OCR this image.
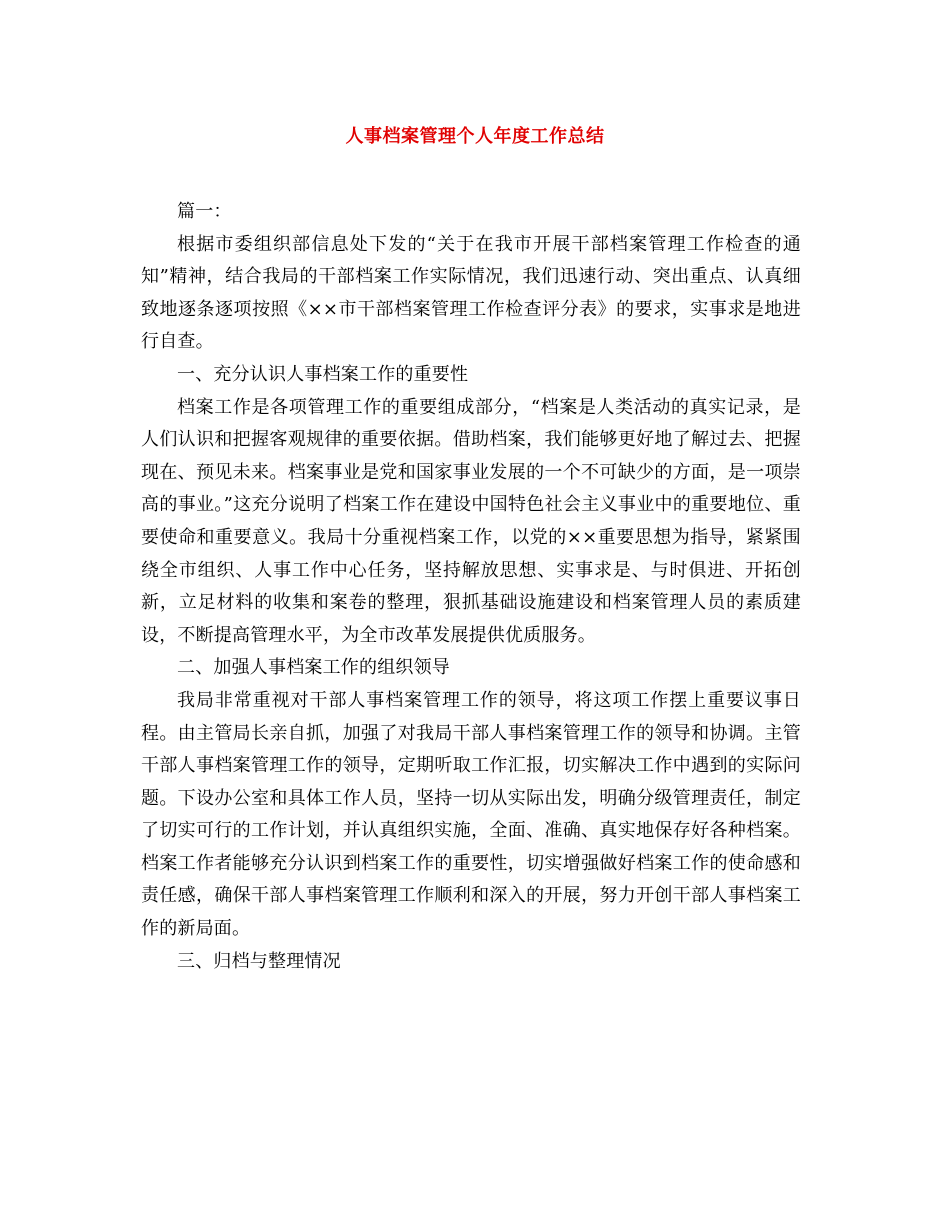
人事档案管理个人年度工作总结

篇一：

根据市委组织部信息处下发的“关于在我市开展干部档案管理工作检查的通知”精神，结合我局的干部档案工作实际情况，我们迅速行动、突出重点、认真细致地逐条逐项按照《××市干部档案管理工作检查评分表》的要求，实事求是地进行自查。

一、充分认识人事档案工作的重要性

档案工作是各项管理工作的重要组成部分，“档案是人类活动的真实记录，是人们认识和把握客观规律的重要依据。借助档案，我们能够更好地了解过去、把握现在、预见未来。档案事业是党和国家事业发展的一个不可缺少的方面，是一项崇高的事业。”这充分说明了档案工作在建设中国特色社会主义事业中的重要地位、重要使命和重要意义。我局十分重视档案工作，以党的××重要思想为指导，紧紧围绕全市组织、人事工作中心任务，坚持解放思想、实事求是、与时俱进、开拓创新，立足材料的收集和案卷的整理，狠抓基础设施建设和档案管理人员的素质建设，不断提高管理水平，为全市改革发展提供优质服务。

二、加强人事档案工作的组织领导

我局非常重视对干部人事档案管理工作的领导，将这项工作摆上重要议事日程。由主管局长亲自抓，加强了对我局干部人事档案管理工作的领导和协调。主管干部人事档案管理工作的领导，定期听取工作汇报，切实解决工作中遇到的实际问题。下设办公室和具体工作人员，坚持一切从实际出发，明确分级管理责任，制定了切实可行的工作计划，并认真组织实施，全面、准确、真实地保存好各种档案。档案工作者能够充分认识到档案工作的重要性，切实增强做好档案工作的使命感和责任感，确保干部人事档案管理工作顺利和深入的开展，努力开创干部人事档案工作的新局面。

三、归档与整理情况
